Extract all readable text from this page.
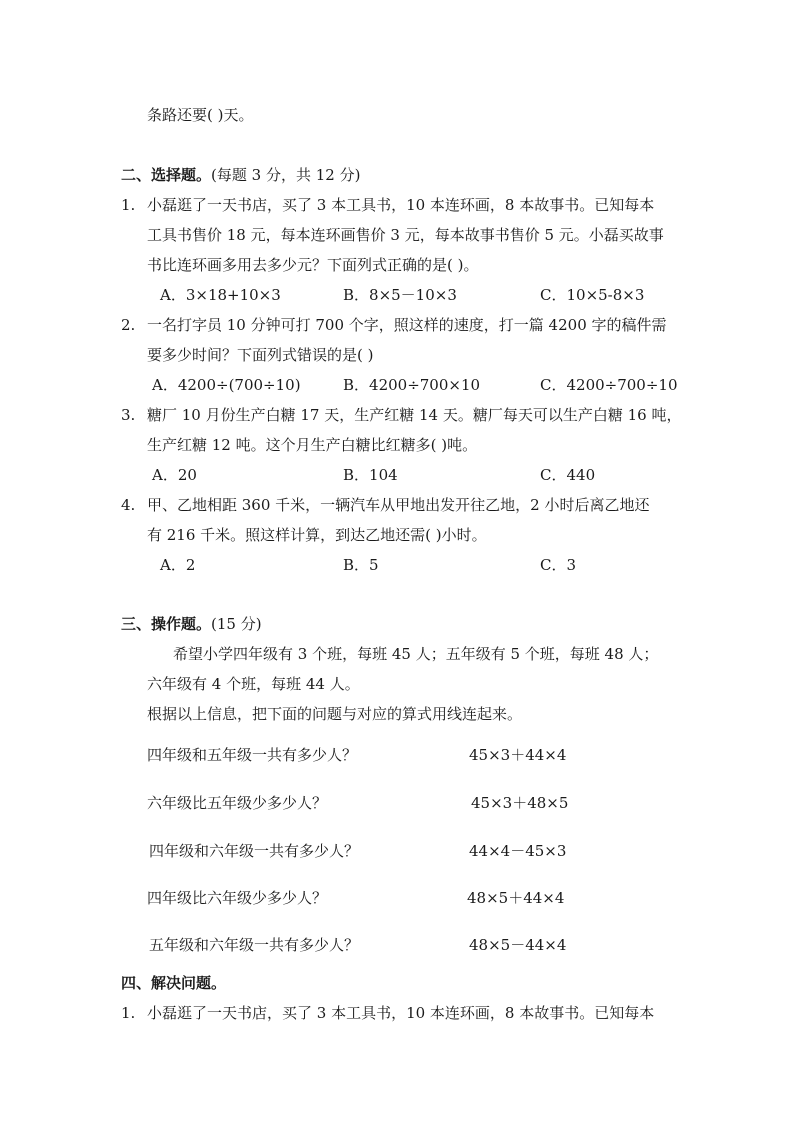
条路还要( )天。
二、选择题。(每题 3 分，共 12 分)
1. 小磊逛了一天书店，买了 3 本工具书，10 本连环画，8 本故事书。已知每本
工具书售价 18 元，每本连环画售价 3 元，每本故事书售价 5 元。小磊买故事
书比连环画多用去多少元？下面列式正确的是( )。
A．3×18+10×3	B．8×5－10×3	C．10×5-8×3
2. 一名打字员 10 分钟可打 700 个字，照这样的速度，打一篇 4200 字的稿件需
要多少时间？下面列式错误的是( )
A．4200÷(700÷10)	B．4200÷700×10	C．4200÷700÷10
3. 糖厂 10 月份生产白糖 17 天，生产红糖 14 天。糖厂每天可以生产白糖 16 吨，
生产红糖 12 吨。这个月生产白糖比红糖多( )吨。
A．20	B．104	C．440
4. 甲、乙地相距 360 千米，一辆汽车从甲地出发开往乙地，2 小时后离乙地还
有 216 千米。照这样计算，到达乙地还需( )小时。
A．2	B．5	C．3
三、操作题。(15 分)
希望小学四年级有 3 个班，每班 45 人；五年级有 5 个班，每班 48 人；
六年级有 4 个班，每班 44 人。
根据以上信息，把下面的问题与对应的算式用线连起来。
四年级和五年级一共有多少人？	45×3＋44×4
六年级比五年级少多少人？	45×3＋48×5
四年级和六年级一共有多少人？	44×4－45×3
四年级比六年级少多少人？	48×5＋44×4
五年级和六年级一共有多少人？	48×5－44×4
四、解决问题。
1. 小磊逛了一天书店，买了 3 本工具书，10 本连环画，8 本故事书。已知每本
